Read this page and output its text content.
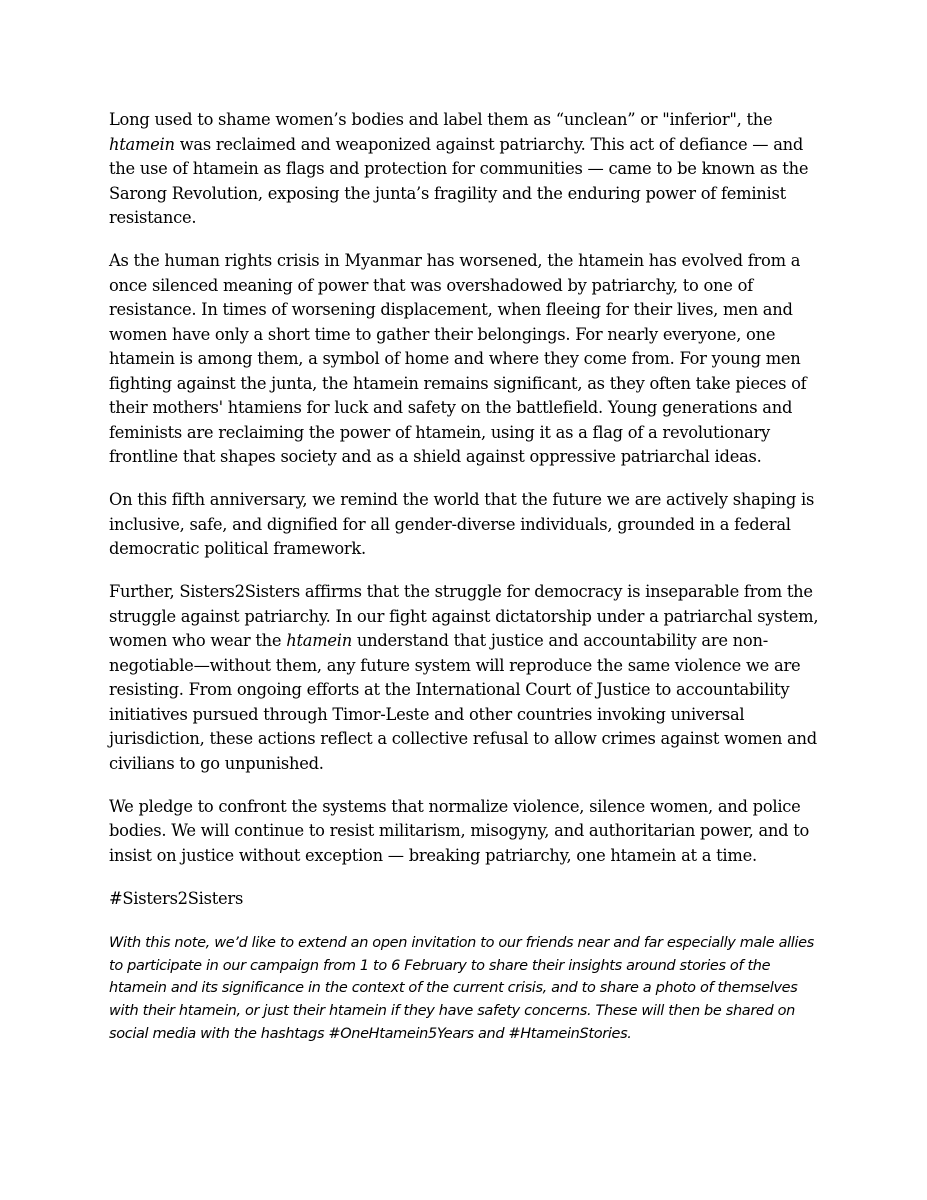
Long used to shame women’s bodies and label them as “unclean” or "inferior", the htamein was reclaimed and weaponized against patriarchy. This act of defiance — and the use of htamein as flags and protection for communities — came to be known as the Sarong Revolution, exposing the junta’s fragility and the enduring power of feminist resistance.

As the human rights crisis in Myanmar has worsened, the htamein has evolved from a once silenced meaning of power that was overshadowed by patriarchy, to one of resistance. In times of worsening displacement, when fleeing for their lives, men and women have only a short time to gather their belongings. For nearly everyone, one htamein is among them, a symbol of home and where they come from. For young men fighting against the junta, the htamein remains significant, as they often take pieces of their mothers' htamiens for luck and safety on the battlefield. Young generations and feminists are reclaiming the power of htamein, using it as a flag of a revolutionary frontline that shapes society and as a shield against oppressive patriarchal ideas.

On this fifth anniversary, we remind the world that the future we are actively shaping is inclusive, safe, and dignified for all gender-diverse individuals, grounded in a federal democratic political framework.

Further, Sisters2Sisters affirms that the struggle for democracy is inseparable from the struggle against patriarchy. In our fight against dictatorship under a patriarchal system, women who wear the htamein understand that justice and accountability are non-negotiable—without them, any future system will reproduce the same violence we are resisting. From ongoing efforts at the International Court of Justice to accountability initiatives pursued through Timor-Leste and other countries invoking universal jurisdiction, these actions reflect a collective refusal to allow crimes against women and civilians to go unpunished.

We pledge to confront the systems that normalize violence, silence women, and police bodies. We will continue to resist militarism, misogyny, and authoritarian power, and to insist on justice without exception — breaking patriarchy, one htamein at a time.

#Sisters2Sisters

With this note, we’d like to extend an open invitation to our friends near and far especially male allies to participate in our campaign from 1 to 6 February to share their insights around stories of the htamein and its significance in the context of the current crisis, and to share a photo of themselves with their htamein, or just their htamein if they have safety concerns. These will then be shared on social media with the hashtags #OneHtamein5Years and #HtameinStories.
